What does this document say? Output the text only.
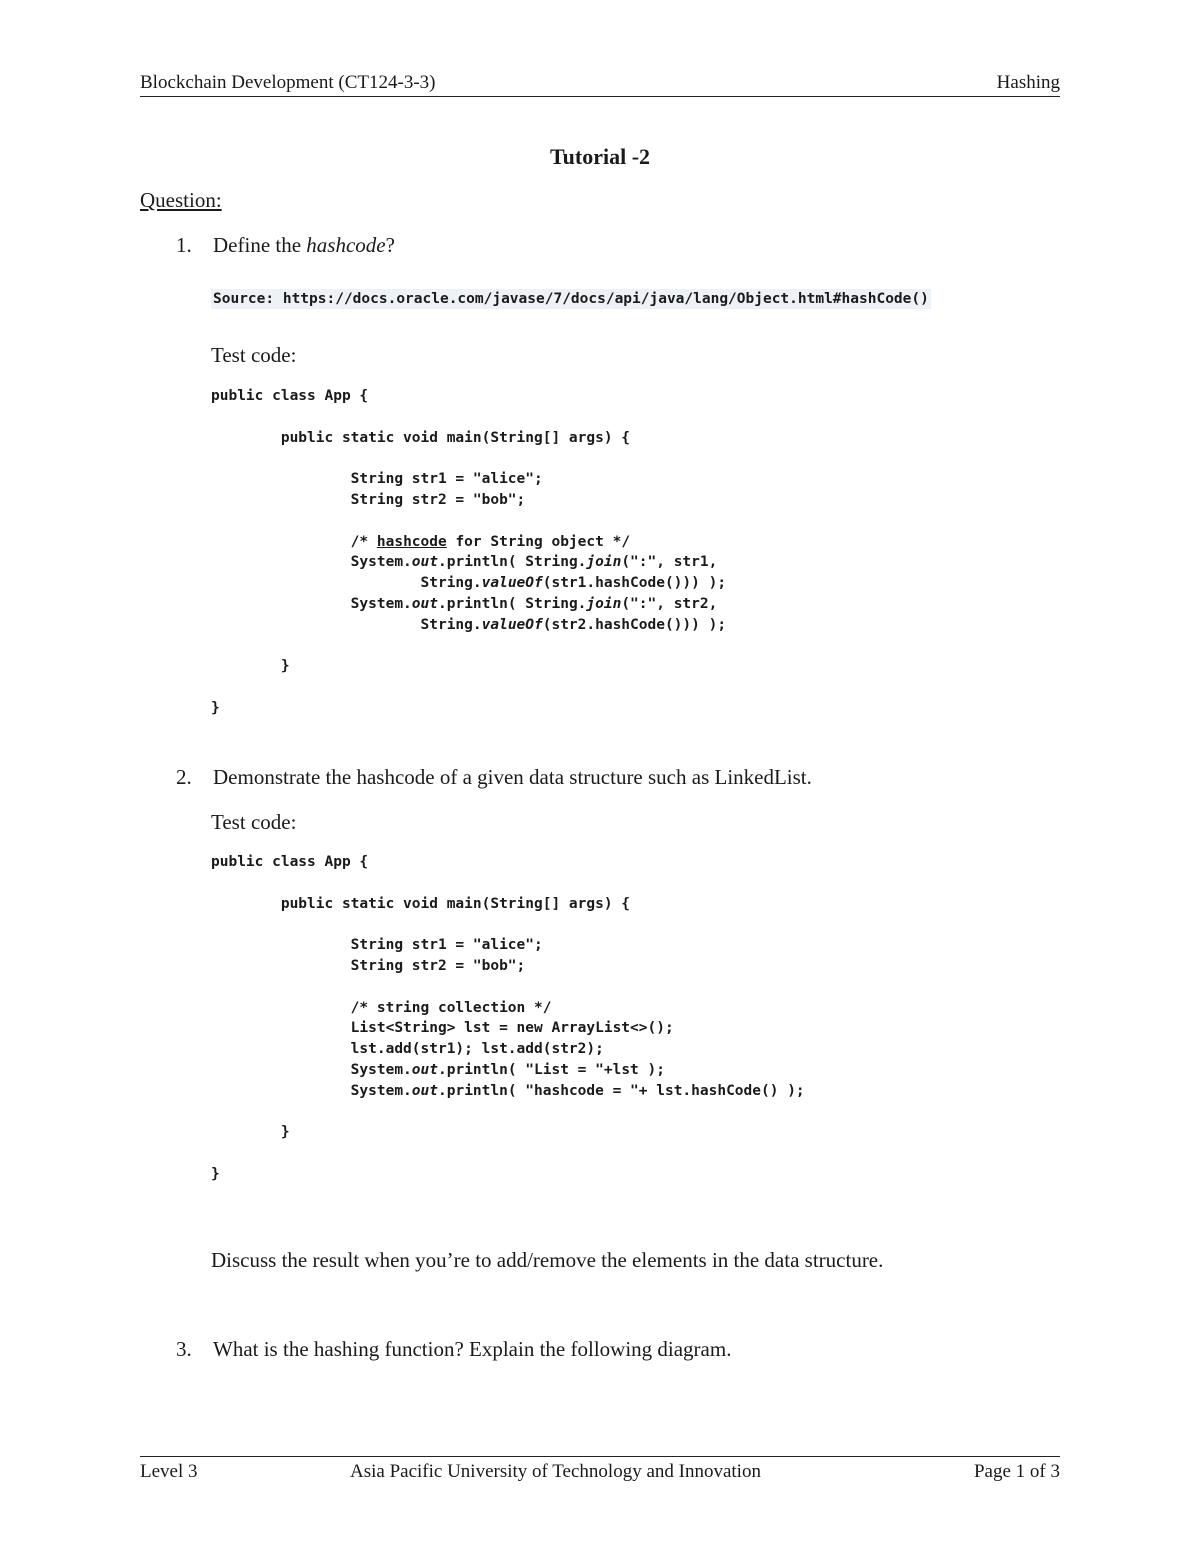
Blockchain Development (CT124-3-3)	Hashing
Tutorial -2
Question:
1. Define the hashcode?
Source: https://docs.oracle.com/javase/7/docs/api/java/lang/Object.html#hashCode()
Test code:
public class App {

public static void main(String[] args) {

String str1 = "alice";
String str2 = "bob";

/* hashcode for String object */
System.out.println( String.join(":", str1,
String.valueOf(str1.hashCode())) );
System.out.println( String.join(":", str2,
String.valueOf(str2.hashCode())) );

}

}
2. Demonstrate the hashcode of a given data structure such as LinkedList.
Test code:
public class App {

public static void main(String[] args) {

String str1 = "alice";
String str2 = "bob";

/* string collection */
List<String> lst = new ArrayList<>();
lst.add(str1); lst.add(str2);
System.out.println( "List = "+lst );
System.out.println( "hashcode = "+ lst.hashCode() );

}

}
Discuss the result when you’re to add/remove the elements in the data structure.
3. What is the hashing function? Explain the following diagram.
Level 3	Asia Pacific University of Technology and Innovation	Page 1 of 3
